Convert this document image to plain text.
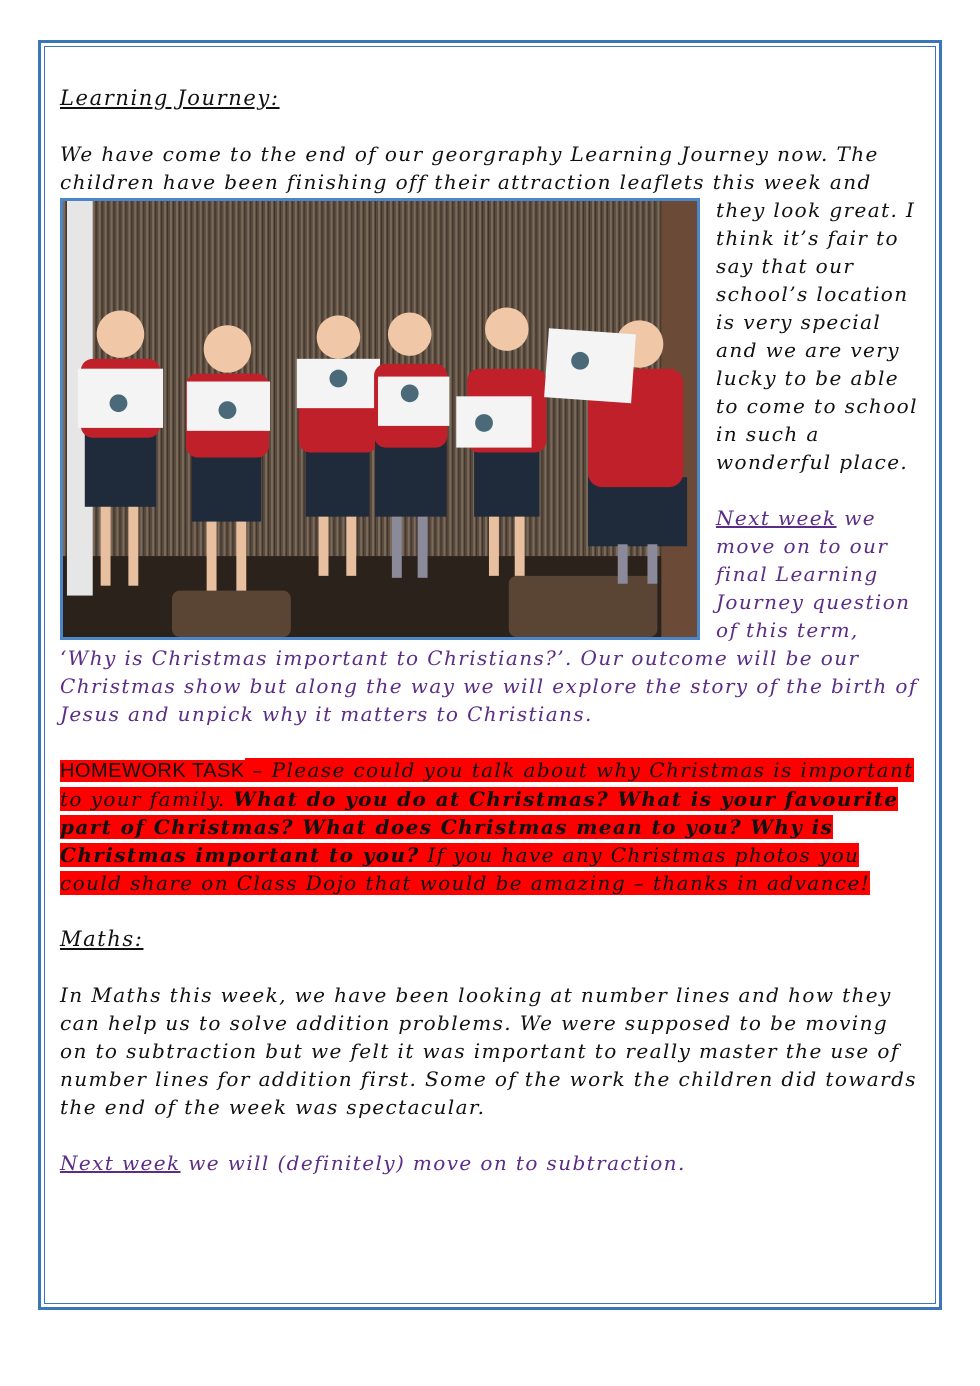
Learning Journey:

We have come to the end of our georgraphy Learning Journey now. The children have been finishing off their attraction leaflets this week and

they look great. I think it’s fair to say that our school’s location is very special and we are very lucky to be able to come to school in such a wonderful place.

Next week we move on to our final Learning Journey question of this term, ‘Why is Christmas important to Christians?’. Our outcome will be our Christmas show but along the way we will explore the story of the birth of Jesus and unpick why it matters to Christians.

HOMEWORK TASK – Please could you talk about why Christmas is important to your family. What do you do at Christmas? What is your favourite part of Christmas? What does Christmas mean to you? Why is Christmas important to you? If you have any Christmas photos you could share on Class Dojo that would be amazing – thanks in advance!

Maths:

In Maths this week, we have been looking at number lines and how they can help us to solve addition problems. We were supposed to be moving on to subtraction but we felt it was important to really master the use of number lines for addition first. Some of the work the children did towards the end of the week was spectacular.

Next week we will (definitely) move on to subtraction.
